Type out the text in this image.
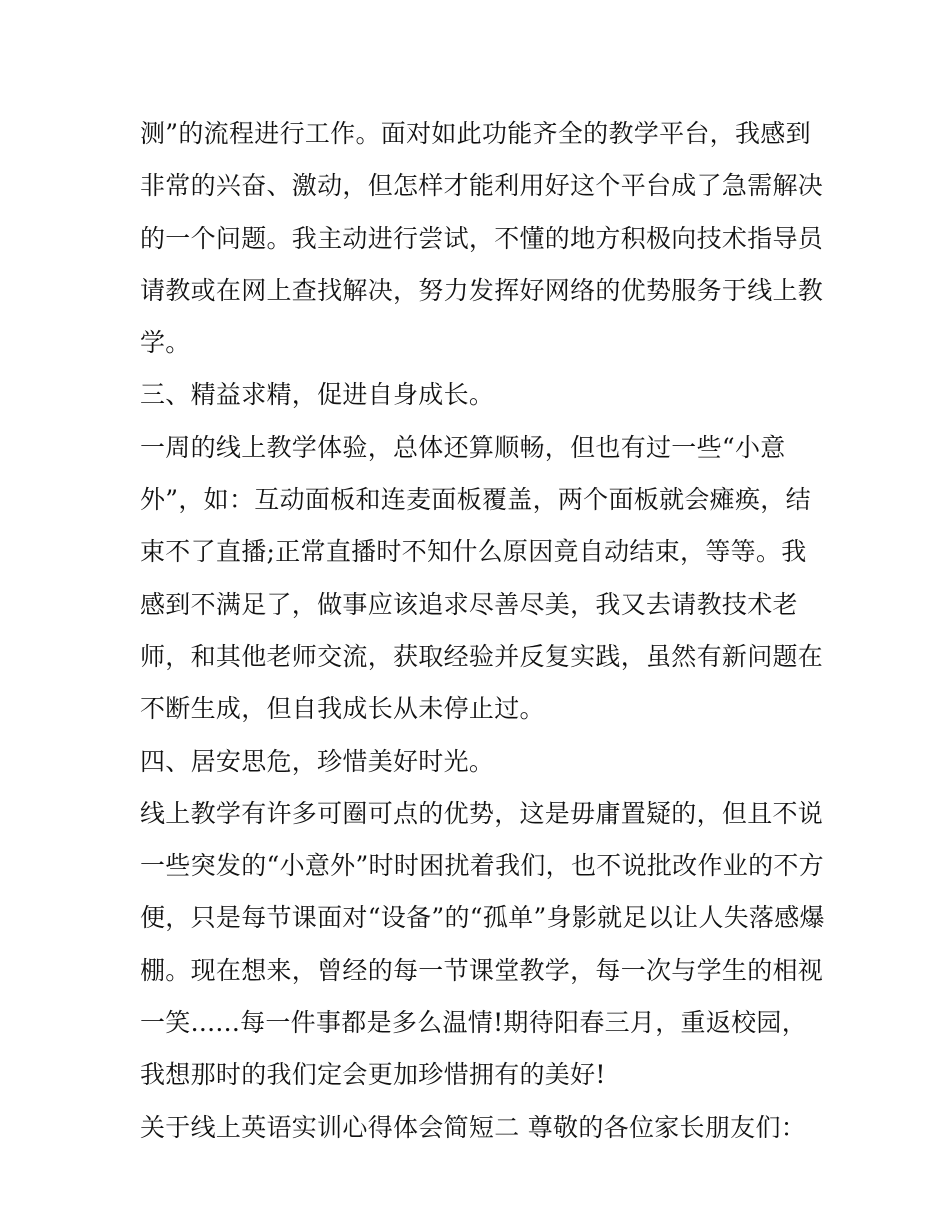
测”的流程进行工作。面对如此功能齐全的教学平台，我感到
非常的兴奋、激动，但怎样才能利用好这个平台成了急需解决
的一个问题。我主动进行尝试，不懂的地方积极向技术指导员
请教或在网上查找解决，努力发挥好网络的优势服务于线上教
学。
三、精益求精，促进自身成长。
一周的线上教学体验，总体还算顺畅，但也有过一些“小意
外”，如：互动面板和连麦面板覆盖，两个面板就会瘫痪，结
束不了直播;正常直播时不知什么原因竟自动结束，等等。我
感到不满足了，做事应该追求尽善尽美，我又去请教技术老
师，和其他老师交流，获取经验并反复实践，虽然有新问题在
不断生成，但自我成长从未停止过。
四、居安思危，珍惜美好时光。
线上教学有许多可圈可点的优势，这是毋庸置疑的，但且不说
一些突发的“小意外”时时困扰着我们，也不说批改作业的不方
便，只是每节课面对“设备”的“孤单”身影就足以让人失落感爆
棚。现在想来，曾经的每一节课堂教学，每一次与学生的相视
一笑......每一件事都是多么温情!期待阳春三月，重返校园，
我想那时的我们定会更加珍惜拥有的美好!
关于线上英语实训心得体会简短二 尊敬的各位家长朋友们：
